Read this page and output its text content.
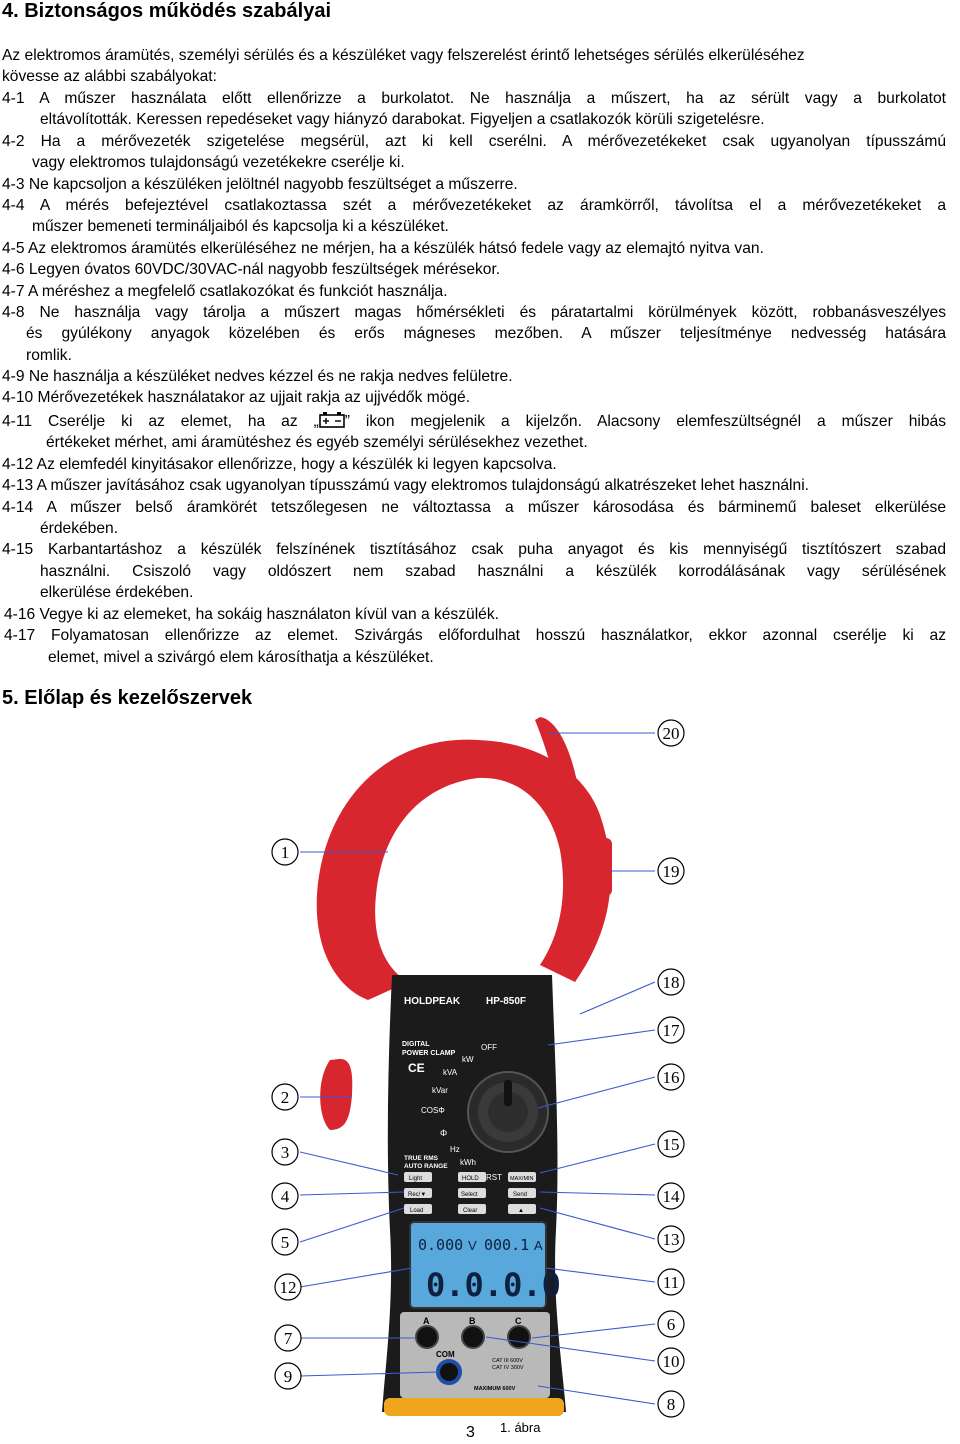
4. Biztonságos működés szabályai
Az elektromos áramütés, személyi sérülés és a készüléket vagy felszerelést érintő lehetséges sérülés elkerüléséhez
kövesse az alábbi szabályokat:
4-1 A műszer használata előtt ellenőrizze a burkolatot. Ne használja a műszert, ha az sérült vagy a burkolatot
eltávolították. Keressen repedéseket vagy hiányzó darabokat. Figyeljen a csatlakozók körüli szigetelésre.
4-2 Ha a mérővezeték szigetelése megsérül, azt ki kell cserélni. A mérővezetékeket csak ugyanolyan típusszámú
vagy elektromos tulajdonságú vezetékekre cserélje ki.
4-3 Ne kapcsoljon a készüléken jelöltnél nagyobb feszültséget a műszerre.
4-4 A mérés befejeztével csatlakoztassa szét a mérővezetékeket az áramkörről, távolítsa el a mérővezetékeket a
műszer bemeneti termináljaiból és kapcsolja ki a készüléket.
4-5 Az elektromos áramütés elkerüléséhez ne mérjen, ha a készülék hátsó fedele vagy az elemajtó nyitva van.
4-6 Legyen óvatos 60VDC/30VAC-nál nagyobb feszültségek mérésekor.
4-7 A méréshez a megfelelő csatlakozókat és funkciót használja.
4-8 Ne használja vagy tárolja a műszert magas hőmérsékleti és páratartalmi körülmények között, robbanásveszélyes
és gyúlékony anyagok közelében és erős mágneses mezőben. A műszer teljesítménye nedvesség hatására
romlik.
4-9 Ne használja a készüléket nedves kézzel és ne rakja nedves felületre.
4-10 Mérővezetékek használatakor az ujjait rakja az ujjvédők mögé.
4-11 Cserélje ki az elemet, ha az „ ” ikon megjelenik a kijelzőn. Alacsony elemfeszültségnél a műszer hibás
értékeket mérhet, ami áramütéshez és egyéb személyi sérülésekhez vezethet.
4-12 Az elemfedél kinyitásakor ellenőrizze, hogy a készülék ki legyen kapcsolva.
4-13 A műszer javításához csak ugyanolyan típusszámú vagy elektromos tulajdonságú alkatrészeket lehet használni.
4-14 A műszer belső áramkörét tetszőlegesen ne változtassa a műszer károsodása és bárminemű baleset elkerülése
érdekében.
4-15 Karbantartáshoz a készülék felszínének tisztításához csak puha anyagot és kis mennyiségű tisztítószert szabad
használni. Csiszoló vagy oldószert nem szabad használni a készülék korrodálásának vagy sérülésének
elkerülése érdekében.
4-16 Vegye ki az elemeket, ha sokáig használaton kívül van a készülék.
4-17 Folyamatosan ellenőrizze az elemet. Szivárgás előfordulhat hosszú használatkor, ekkor azonnal cserélje ki az
elemet, mivel a szivárgó elem károsíthatja a készüléket.
5. Előlap és kezelőszervek
HOLDPEAK	HP-850F
DIGITAL
POWER CLAMP
CE
OFF
kW
kVA
kVar
COSΦ
Φ
Hz
kWh
TRUE RMS
AUTO RANGE
RST
Light	HOLD	MAX/MIN
Rec/▼	Select	Send
Load	Clear	▲
0.000 V 000.1 A
0.0.0.0
A	B	C
COM
CAT III 600V
CAT IV 300V
MAXIMUM 600V
20
1
19
18
17
16
2
3	15
4	14
5	13
12	11
6
7
10
9
8
3 1. ábra
